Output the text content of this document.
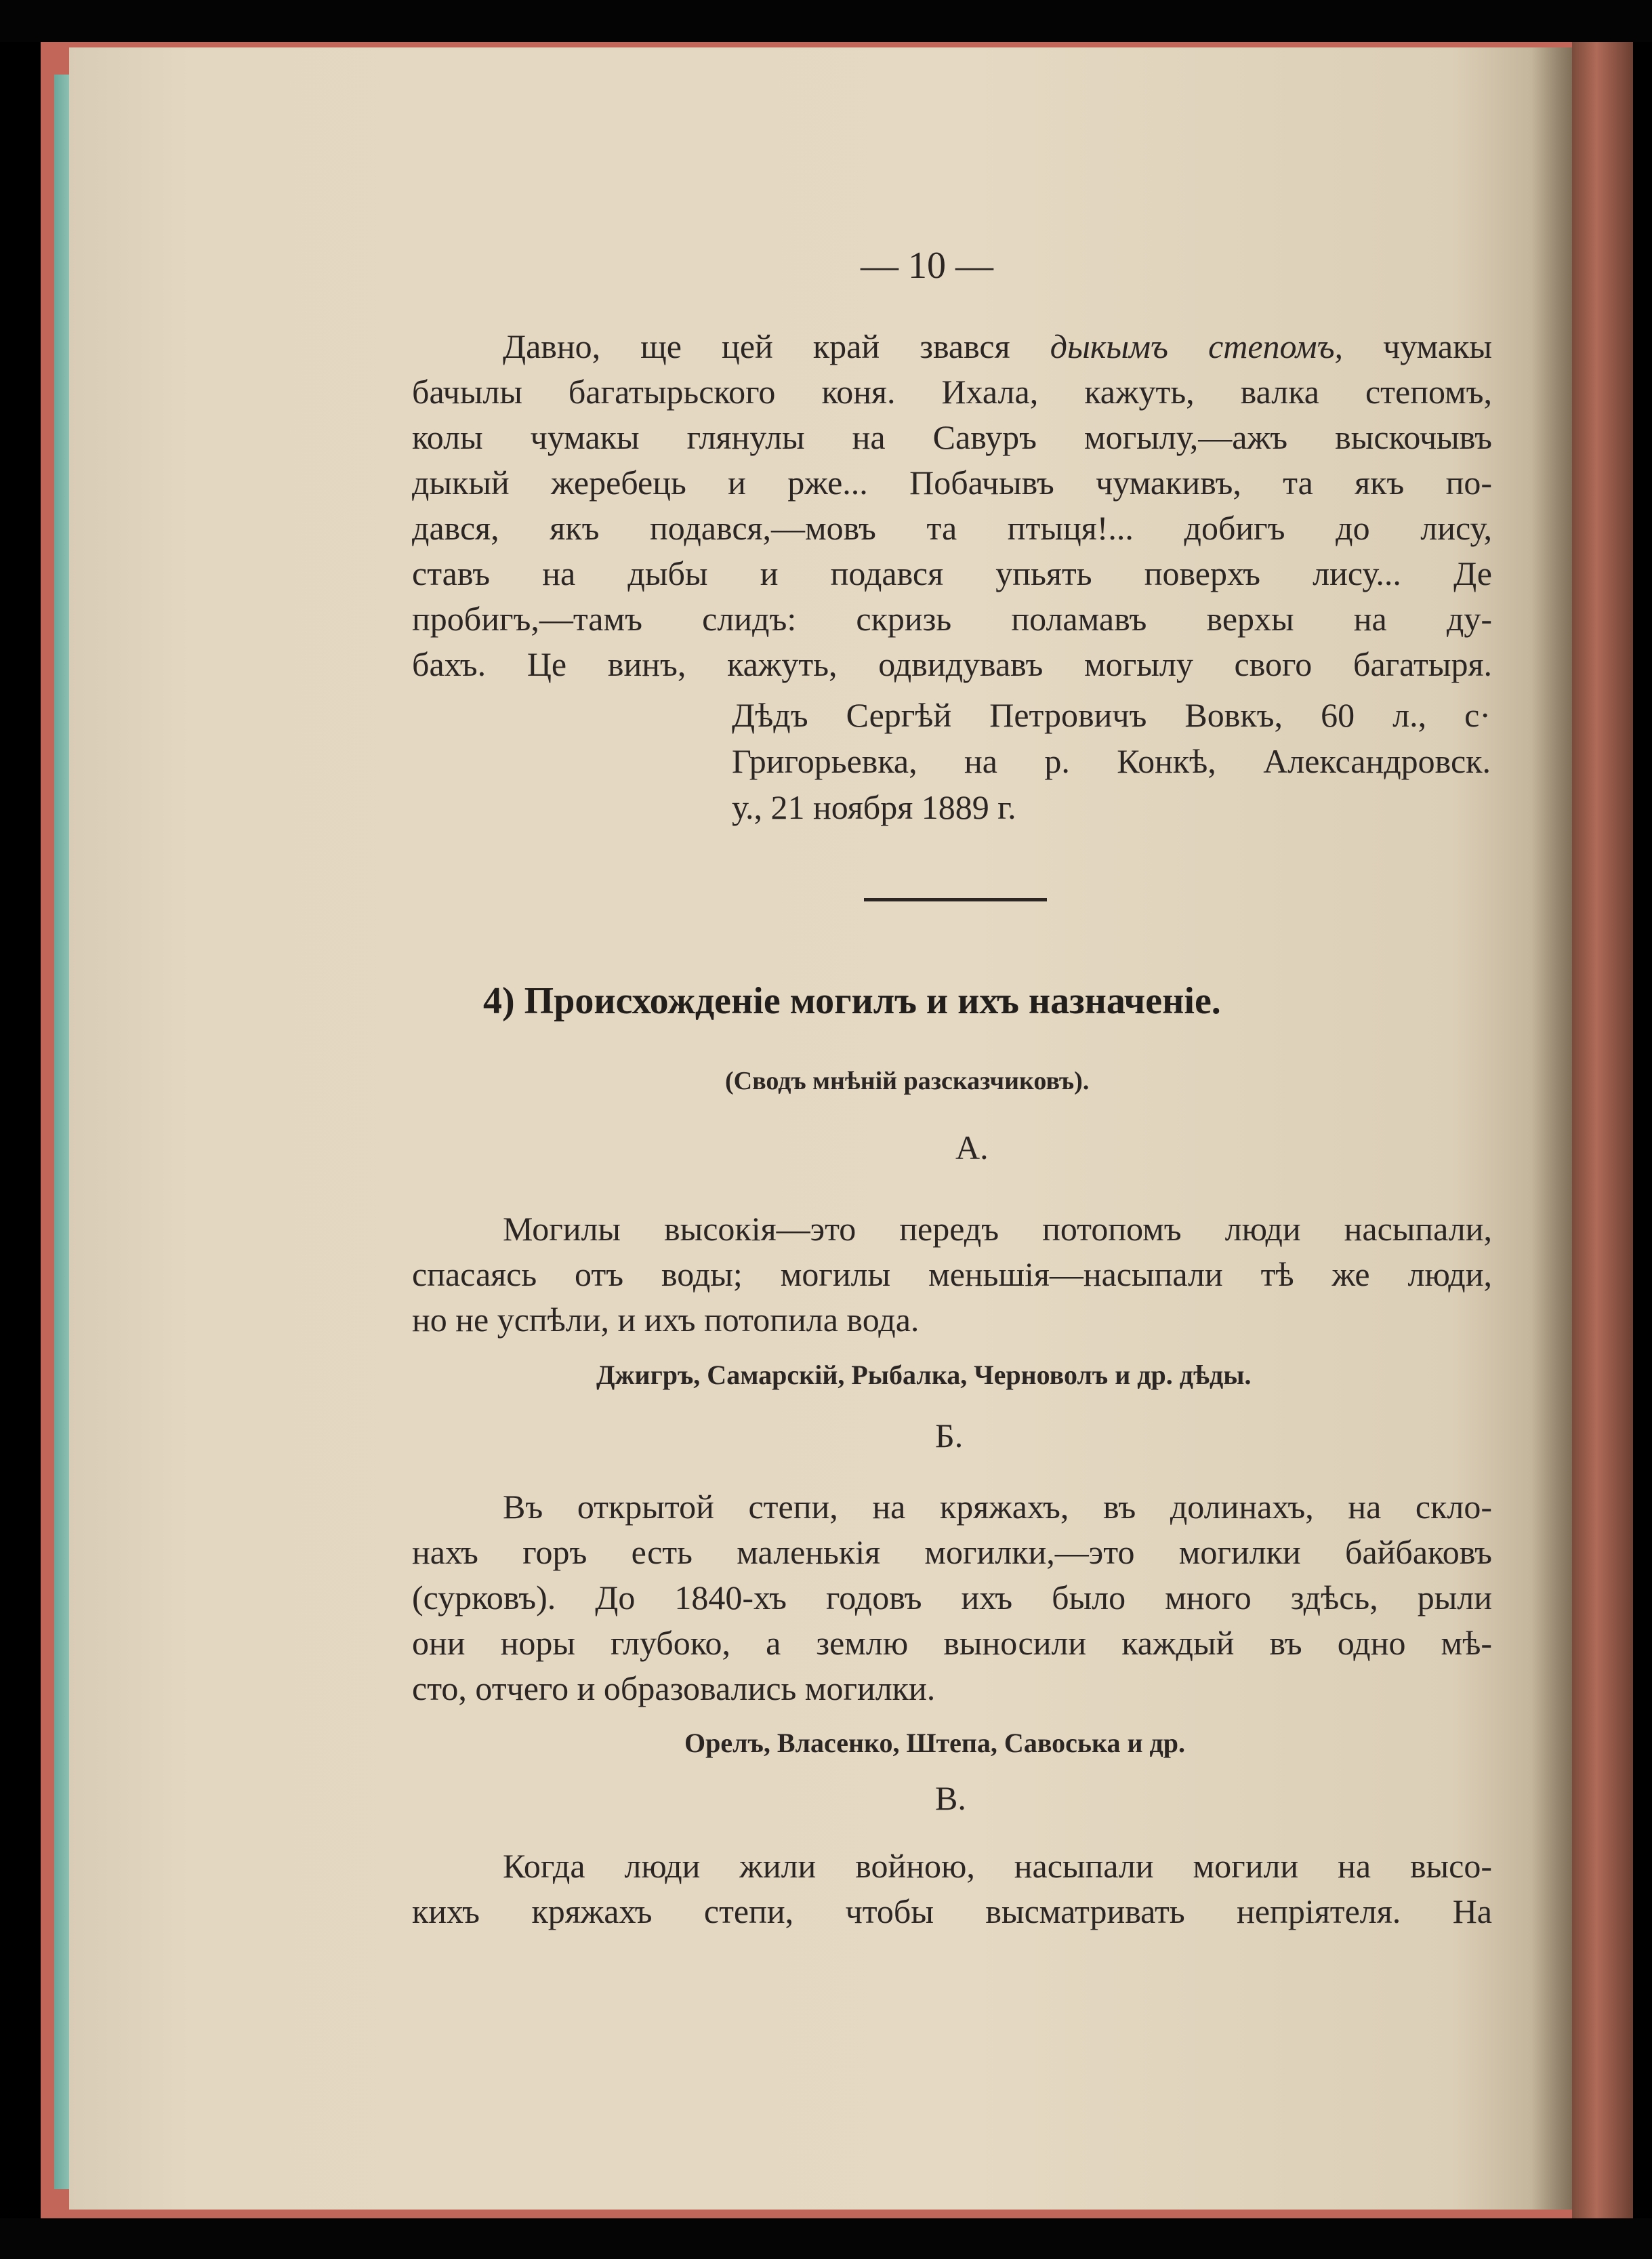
— 10 —
Давно, ще цей край звався дыкымъ степомъ, чумакы
бачылы багатырьского коня. Ихала, кажуть, валка степомъ,
колы чумакы глянулы на Савуръ могылу,—ажъ выскочывъ
дыкый жеребець и рже... Побачывъ чумакивъ, та якъ по-
дався, якъ подався,—мовъ та птыця!... добигъ до лису,
ставъ на дыбы и подався упьять поверхъ лису... Де
пробигъ,—тамъ слидъ: скризь поламавъ верхы на ду-
бахъ. Це винъ, кажуть, одвидувавъ могылу свого багатыря.
Дѣдъ Сергѣй Петровичъ Вовкъ, 60 л., с·
Григорьевка, на р. Конкѣ, Александровск.
у., 21 ноября 1889 г.
4) Происхожденіе могилъ и ихъ назначеніе.
(Сводъ мнѣній разсказчиковъ).
А.
Могилы высокія—это передъ потопомъ люди насыпали,
спасаясь отъ воды; могилы меньшія—насыпали тѣ же люди,
но не успѣли, и ихъ потопила вода.
Джигръ, Самарскій, Рыбалка, Черноволъ и др. дѣды.
Б.
Въ открытой степи, на кряжахъ, въ долинахъ, на скло-
нахъ горъ есть маленькія могилки,—это могилки байбаковъ
(сурковъ). До 1840-хъ годовъ ихъ было много здѣсь, рыли
они норы глубоко, а землю выносили каждый въ одно мѣ-
сто, отчего и образовались могилки.
Орелъ, Власенко, Штепа, Савоська и др.
В.
Когда люди жили войною, насыпали могили на высо-
кихъ кряжахъ степи, чтобы высматривать непріятеля. На
